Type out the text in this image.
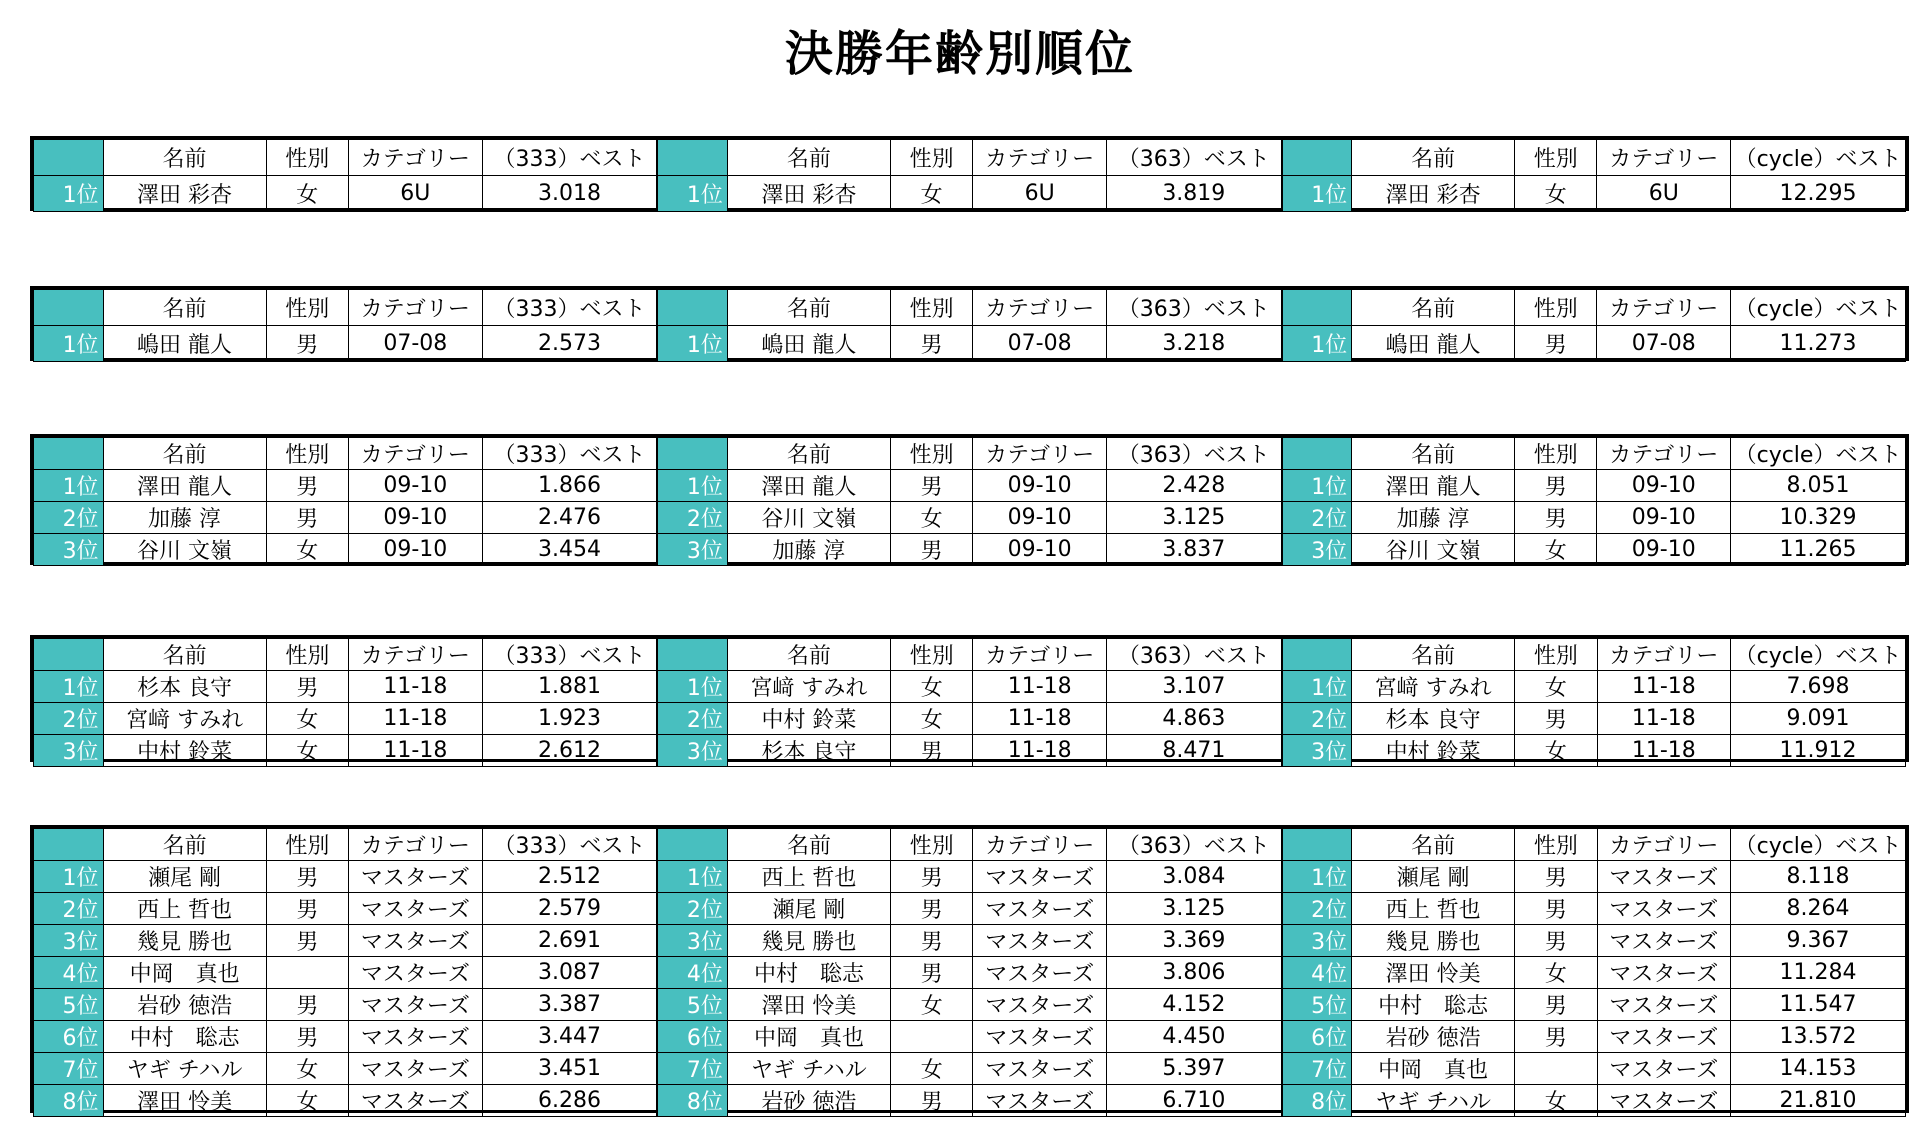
決勝年齢別順位
	名前	性別	カテゴリー	（333）ベスト
1位	澤田 彩杏	女	6U	3.018
	名前	性別	カテゴリー	（363）ベスト
1位	澤田 彩杏	女	6U	3.819
	名前	性別	カテゴリー	（cycle）ベスト
1位	澤田 彩杏	女	6U	12.295
	名前	性別	カテゴリー	（333）ベスト
1位	嶋田 龍人	男	07-08	2.573
	名前	性別	カテゴリー	（363）ベスト
1位	嶋田 龍人	男	07-08	3.218
	名前	性別	カテゴリー	（cycle）ベスト
1位	嶋田 龍人	男	07-08	11.273
	名前	性別	カテゴリー	（333）ベスト
1位	澤田 龍人	男	09-10	1.866
2位	加藤 淳	男	09-10	2.476
3位	谷川 文嶺	女	09-10	3.454
	名前	性別	カテゴリー	（363）ベスト
1位	澤田 龍人	男	09-10	2.428
2位	谷川 文嶺	女	09-10	3.125
3位	加藤 淳	男	09-10	3.837
	名前	性別	カテゴリー	（cycle）ベスト
1位	澤田 龍人	男	09-10	8.051
2位	加藤 淳	男	09-10	10.329
3位	谷川 文嶺	女	09-10	11.265
	名前	性別	カテゴリー	（333）ベスト
1位	杉本 良守	男	11-18	1.881
2位	宮﨑 すみれ	女	11-18	1.923
3位	中村 鈴菜	女	11-18	2.612
	名前	性別	カテゴリー	（363）ベスト
1位	宮﨑 すみれ	女	11-18	3.107
2位	中村 鈴菜	女	11-18	4.863
3位	杉本 良守	男	11-18	8.471
	名前	性別	カテゴリー	（cycle）ベスト
1位	宮﨑 すみれ	女	11-18	7.698
2位	杉本 良守	男	11-18	9.091
3位	中村 鈴菜	女	11-18	11.912
	名前	性別	カテゴリー	（333）ベスト
1位	瀬尾 剛	男	マスターズ	2.512
2位	西上 哲也	男	マスターズ	2.579
3位	幾見 勝也	男	マスターズ	2.691
4位	中岡　真也		マスターズ	3.087
5位	岩砂 徳浩	男	マスターズ	3.387
6位	中村　聡志	男	マスターズ	3.447
7位	ヤギ チハル	女	マスターズ	3.451
8位	澤田 怜美	女	マスターズ	6.286
	名前	性別	カテゴリー	（363）ベスト
1位	西上 哲也	男	マスターズ	3.084
2位	瀬尾 剛	男	マスターズ	3.125
3位	幾見 勝也	男	マスターズ	3.369
4位	中村　聡志	男	マスターズ	3.806
5位	澤田 怜美	女	マスターズ	4.152
6位	中岡　真也		マスターズ	4.450
7位	ヤギ チハル	女	マスターズ	5.397
8位	岩砂 徳浩	男	マスターズ	6.710
	名前	性別	カテゴリー	（cycle）ベスト
1位	瀬尾 剛	男	マスターズ	8.118
2位	西上 哲也	男	マスターズ	8.264
3位	幾見 勝也	男	マスターズ	9.367
4位	澤田 怜美	女	マスターズ	11.284
5位	中村　聡志	男	マスターズ	11.547
6位	岩砂 徳浩	男	マスターズ	13.572
7位	中岡　真也		マスターズ	14.153
8位	ヤギ チハル	女	マスターズ	21.810
